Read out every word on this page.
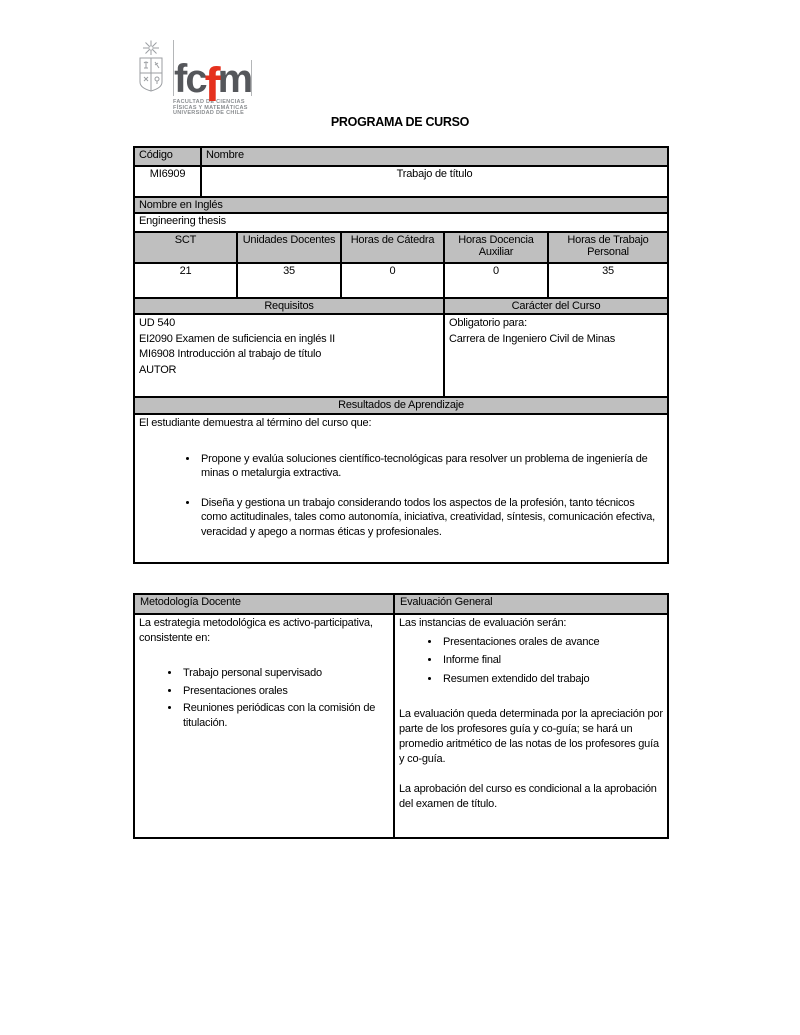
fc f m
FACULTAD DE CIENCIAS
FÍSICAS Y MATEMÁTICAS
UNIVERSIDAD DE CHILE
PROGRAMA DE CURSO
Código	Nombre				
MI6909	Trabajo de título				
Nombre en Inglés					
Engineering thesis					
SCT		Unidades Docentes	Horas de Cátedra	Horas Docencia Auxiliar	Horas de Trabajo Personal
21		35	0	0	35
Requisitos				Carácter del Curso	

UD 540
EI2090 Examen de suficiencia en inglés II
MI6908 Introducción al trabajo de título
AUTOR

Obligatorio para:
Carrera de Ingeniero Civil de Minas

Resultados de Aprendizaje					

El estudiante demuestra al término del curso que:
• Propone y evalúa soluciones científico-tecnológicas para resolver un problema de ingeniería de minas o metalurgia extractiva.
• Diseña y gestiona un trabajo considerando todos los aspectos de la profesión, tanto técnicos como actitudinales, tales como autonomía, iniciativa, creatividad, síntesis, comunicación efectiva, veracidad y apego a normas éticas y profesionales.
Metodología Docente	Evaluación General

La estrategia metodológica es activo-participativa, consistente en:
• Trabajo personal supervisado
• Presentaciones orales
• Reuniones periódicas con la comisión de titulación.

Las instancias de evaluación serán:
• Presentaciones orales de avance
• Informe final
• Resumen extendido del trabajo

La evaluación queda determinada por la apreciación por parte de los profesores guía y co-guía; se hará un promedio aritmético de las notas de los profesores guía y co-guía.

La aprobación del curso es condicional a la aprobación del examen de título.
